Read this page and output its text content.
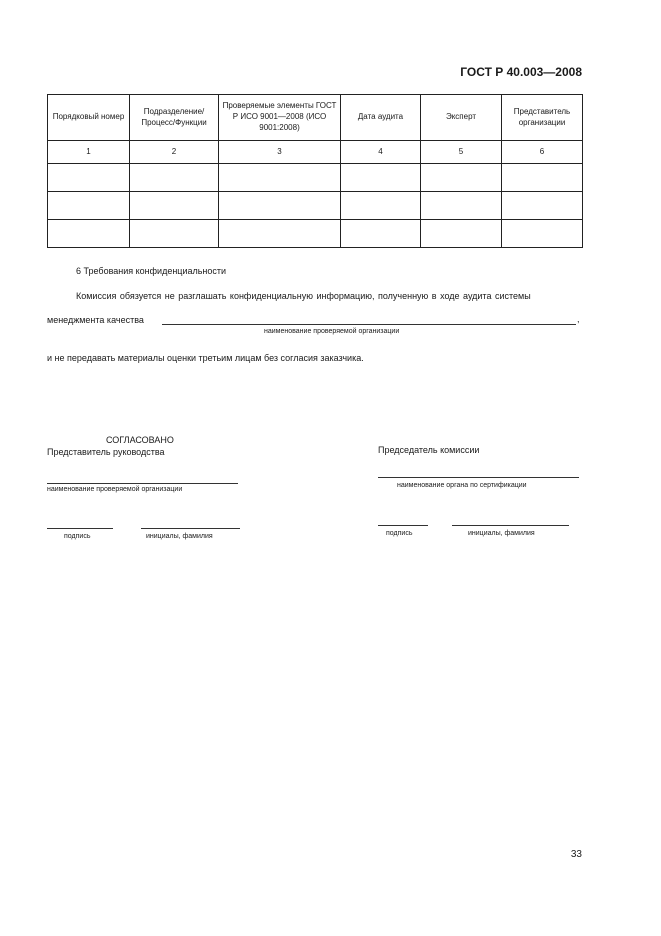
ГОСТ Р 40.003—2008
Порядковый номер	Подразделение/ Процесс/Функции	Проверяемые элементы ГОСТ Р ИСО 9001—2008 (ИСО 9001:2008)	Дата аудита	Эксперт	Представитель организации
1	2	3	4	5	6

6 Требования конфиденциальности
Комиссия обязуется не разглашать конфиденциальную информацию, полученную в ходе аудита системы
менеджмента качества	,
наименование проверяемой организации
и не передавать материалы оценки третьим лицам без согласия заказчика.
СОГЛАСОВАНО
Представитель руководства
наименование проверяемой организации
подпись	инициалы, фамилия
Председатель комиссии
наименование органа по сертификации
подпись	инициалы, фамилия
33
